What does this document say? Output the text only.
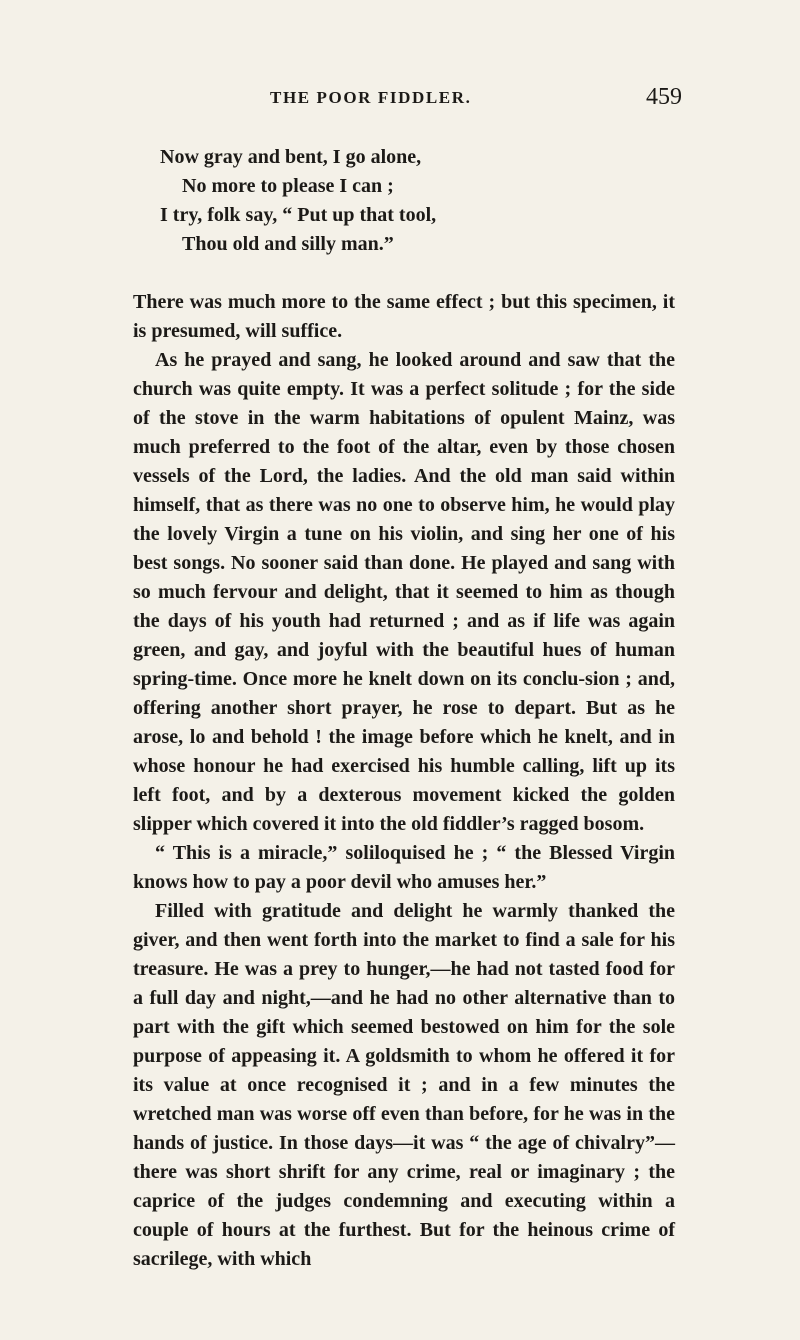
THE POOR FIDDLER.	459
Now gray and bent, I go alone,
No more to please I can ;
I try, folk say, “ Put up that tool,
Thou old and silly man.”

There was much more to the same effect ; but this specimen, it is presumed, will suffice.

As he prayed and sang, he looked around and saw that the church was quite empty. It was a perfect solitude ; for the side of the stove in the warm habitations of opulent Mainz, was much preferred to the foot of the altar, even by those chosen vessels of the Lord, the ladies. And the old man said within himself, that as there was no one to observe him, he would play the lovely Virgin a tune on his violin, and sing her one of his best songs. No sooner said than done. He played and sang with so much fervour and delight, that it seemed to him as though the days of his youth had returned ; and as if life was again green, and gay, and joyful with the beautiful hues of human spring-time. Once more he knelt down on its conclu-sion ; and, offering another short prayer, he rose to depart. But as he arose, lo and behold ! the image before which he knelt, and in whose honour he had exercised his humble calling, lift up its left foot, and by a dexterous movement kicked the golden slipper which covered it into the old fiddler’s ragged bosom.

“ This is a miracle,” soliloquised he ; “ the Blessed Virgin knows how to pay a poor devil who amuses her.”

Filled with gratitude and delight he warmly thanked the giver, and then went forth into the market to find a sale for his treasure. He was a prey to hunger,—he had not tasted food for a full day and night,—and he had no other alternative than to part with the gift which seemed bestowed on him for the sole purpose of appeasing it. A goldsmith to whom he offered it for its value at once recognised it ; and in a few minutes the wretched man was worse off even than before, for he was in the hands of justice. In those days—it was “ the age of chivalry”—there was short shrift for any crime, real or imaginary ; the caprice of the judges condemning and executing within a couple of hours at the furthest. But for the heinous crime of sacrilege, with which
